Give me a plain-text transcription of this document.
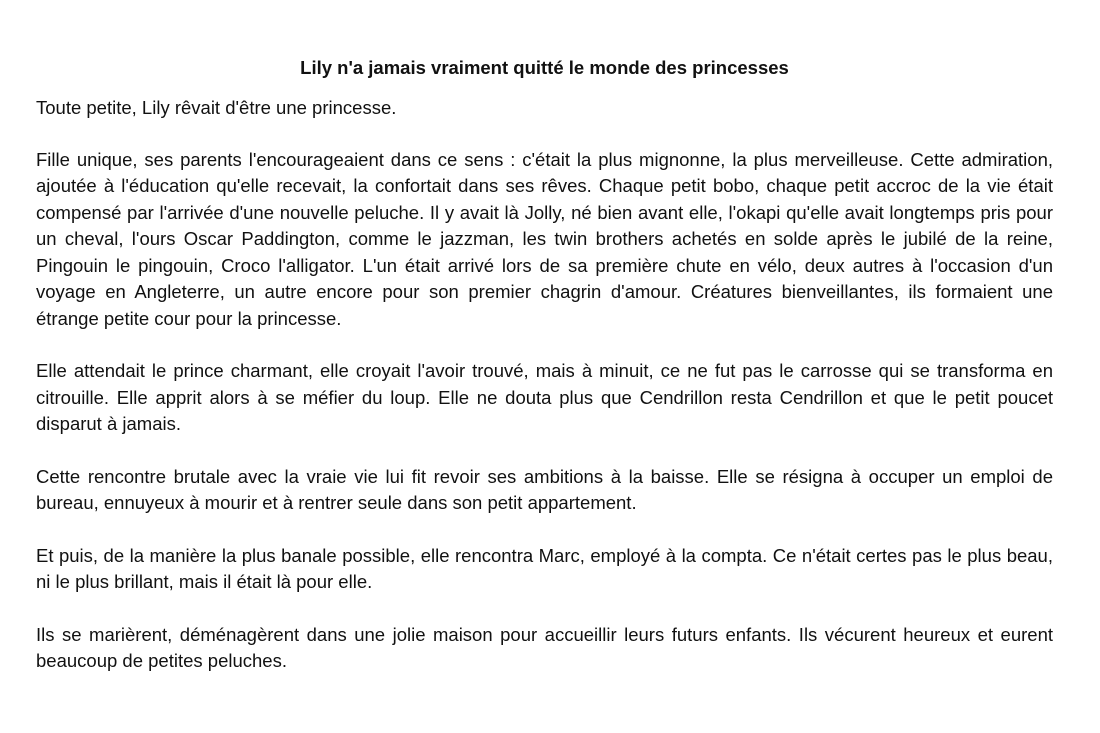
Lily n'a jamais vraiment quitté le monde des princesses

Toute petite, Lily rêvait d'être une princesse.

Fille unique, ses parents l'encourageaient dans ce sens : c'était la plus mignonne, la plus merveilleuse. Cette admiration, ajoutée à l'éducation qu'elle recevait, la confortait dans ses rêves. Chaque petit bobo, chaque petit accroc de la vie était compensé par l'arrivée d'une nouvelle peluche. Il y avait là Jolly, né bien avant elle, l'okapi qu'elle avait longtemps pris pour un cheval, l'ours Oscar Paddington, comme le jazzman, les twin brothers achetés en solde après le jubilé de la reine, Pingouin le pingouin, Croco l'alligator. L'un était arrivé lors de sa première chute en vélo, deux autres à l'occasion d'un voyage en Angleterre, un autre encore pour son premier chagrin d'amour. Créatures bienveillantes, ils formaient une étrange petite cour pour la princesse.

Elle attendait le prince charmant, elle croyait l'avoir trouvé, mais à minuit, ce ne fut pas le carrosse qui se transforma en citrouille. Elle apprit alors à se méfier du loup. Elle ne douta plus que Cendrillon resta Cendrillon et que le petit poucet disparut à jamais.

Cette rencontre brutale avec la vraie vie lui fit revoir ses ambitions à la baisse. Elle se résigna à occuper un emploi de bureau, ennuyeux à mourir et à rentrer seule dans son petit appartement.

Et puis, de la manière la plus banale possible, elle rencontra Marc, employé à la compta. Ce n'était certes pas le plus beau, ni le plus brillant, mais il était là pour elle.

Ils se marièrent, déménagèrent dans une jolie maison pour accueillir leurs futurs enfants. Ils vécurent heureux et eurent beaucoup de petites peluches.
